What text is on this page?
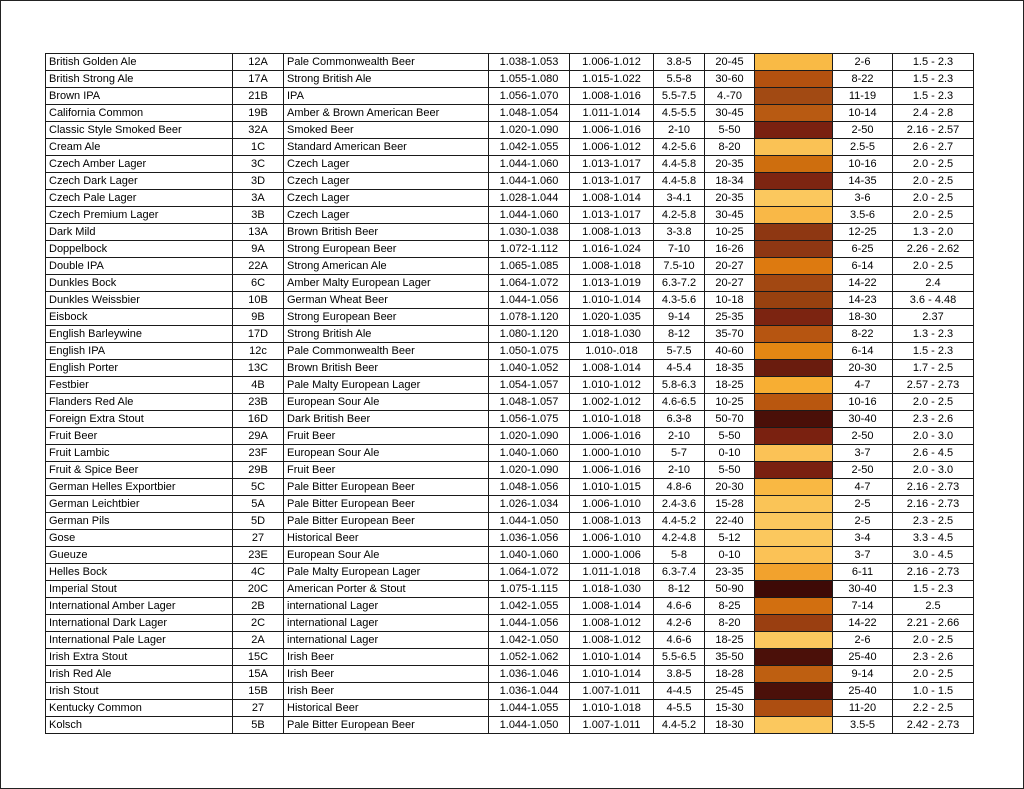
British Golden Ale	12A	Pale Commonwealth Beer	1.038-1.053	1.006-1.012	3.8-5	20-45		2-6	1.5 - 2.3
British Strong Ale	17A	Strong British Ale	1.055-1.080	1.015-1.022	5.5-8	30-60		8-22	1.5 - 2.3
Brown IPA	21B	IPA	1.056-1.070	1.008-1.016	5.5-7.5	4.-70		11-19	1.5 - 2.3
California Common	19B	Amber & Brown American Beer	1.048-1.054	1.011-1.014	4.5-5.5	30-45		10-14	2.4 - 2.8
Classic Style Smoked Beer	32A	Smoked Beer	1.020-1.090	1.006-1.016	2-10	5-50		2-50	2.16 - 2.57
Cream Ale	1C	Standard American Beer	1.042-1.055	1.006-1.012	4.2-5.6	8-20		2.5-5	2.6 - 2.7
Czech Amber Lager	3C	Czech Lager	1.044-1.060	1.013-1.017	4.4-5.8	20-35		10-16	2.0 - 2.5
Czech Dark Lager	3D	Czech Lager	1.044-1.060	1.013-1.017	4.4-5.8	18-34		14-35	2.0 - 2.5
Czech Pale Lager	3A	Czech Lager	1.028-1.044	1.008-1.014	3-4.1	20-35		3-6	2.0 - 2.5
Czech Premium Lager	3B	Czech Lager	1.044-1.060	1.013-1.017	4.2-5.8	30-45		3.5-6	2.0 - 2.5
Dark Mild	13A	Brown British Beer	1.030-1.038	1.008-1.013	3-3.8	10-25		12-25	1.3 - 2.0
Doppelbock	9A	Strong European Beer	1.072-1.112	1.016-1.024	7-10	16-26		6-25	2.26 - 2.62
Double IPA	22A	Strong American Ale	1.065-1.085	1.008-1.018	7.5-10	20-27		6-14	2.0 - 2.5
Dunkles Bock	6C	Amber Malty European Lager	1.064-1.072	1.013-1.019	6.3-7.2	20-27		14-22	2.4
Dunkles Weissbier	10B	German Wheat Beer	1.044-1.056	1.010-1.014	4.3-5.6	10-18		14-23	3.6 - 4.48
Eisbock	9B	Strong European Beer	1.078-1.120	1.020-1.035	9-14	25-35		18-30	2.37
English Barleywine	17D	Strong British Ale	1.080-1.120	1.018-1.030	8-12	35-70		8-22	1.3 - 2.3
English IPA	12c	Pale Commonwealth Beer	1.050-1.075	1.010-.018	5-7.5	40-60		6-14	1.5 - 2.3
English Porter	13C	Brown British Beer	1.040-1.052	1.008-1.014	4-5.4	18-35		20-30	1.7 - 2.5
Festbier	4B	Pale Malty European Lager	1.054-1.057	1.010-1.012	5.8-6.3	18-25		4-7	2.57 - 2.73
Flanders Red Ale	23B	European Sour Ale	1.048-1.057	1.002-1.012	4.6-6.5	10-25		10-16	2.0 - 2.5
Foreign Extra Stout	16D	Dark British Beer	1.056-1.075	1.010-1.018	6.3-8	50-70		30-40	2.3 - 2.6
Fruit Beer	29A	Fruit Beer	1.020-1.090	1.006-1.016	2-10	5-50		2-50	2.0 - 3.0
Fruit Lambic	23F	European Sour Ale	1.040-1.060	1.000-1.010	5-7	0-10		3-7	2.6 - 4.5
Fruit & Spice Beer	29B	Fruit Beer	1.020-1.090	1.006-1.016	2-10	5-50		2-50	2.0 - 3.0
German Helles Exportbier	5C	Pale Bitter European Beer	1.048-1.056	1.010-1.015	4.8-6	20-30		4-7	2.16 - 2.73
German Leichtbier	5A	Pale Bitter European Beer	1.026-1.034	1.006-1.010	2.4-3.6	15-28		2-5	2.16 - 2.73
German Pils	5D	Pale Bitter European Beer	1.044-1.050	1.008-1.013	4.4-5.2	22-40		2-5	2.3 - 2.5
Gose	27	Historical Beer	1.036-1.056	1.006-1.010	4.2-4.8	5-12		3-4	3.3 - 4.5
Gueuze	23E	European Sour Ale	1.040-1.060	1.000-1.006	5-8	0-10		3-7	3.0 - 4.5
Helles Bock	4C	Pale Malty European Lager	1.064-1.072	1.011-1.018	6.3-7.4	23-35		6-11	2.16 - 2.73
Imperial Stout	20C	American Porter & Stout	1.075-1.115	1.018-1.030	8-12	50-90		30-40	1.5 - 2.3
International Amber Lager	2B	international Lager	1.042-1.055	1.008-1.014	4.6-6	8-25		7-14	2.5
International Dark Lager	2C	international Lager	1.044-1.056	1.008-1.012	4.2-6	8-20		14-22	2.21 - 2.66
International Pale Lager	2A	international Lager	1.042-1.050	1.008-1.012	4.6-6	18-25		2-6	2.0 - 2.5
Irish Extra Stout	15C	Irish Beer	1.052-1.062	1.010-1.014	5.5-6.5	35-50		25-40	2.3 - 2.6
Irish Red Ale	15A	Irish Beer	1.036-1.046	1.010-1.014	3.8-5	18-28		9-14	2.0 - 2.5
Irish Stout	15B	Irish Beer	1.036-1.044	1.007-1.011	4-4.5	25-45		25-40	1.0 - 1.5
Kentucky Common	27	Historical Beer	1.044-1.055	1.010-1.018	4-5.5	15-30		11-20	2.2 - 2.5
Kolsch	5B	Pale Bitter European Beer	1.044-1.050	1.007-1.011	4.4-5.2	18-30		3.5-5	2.42 - 2.73
